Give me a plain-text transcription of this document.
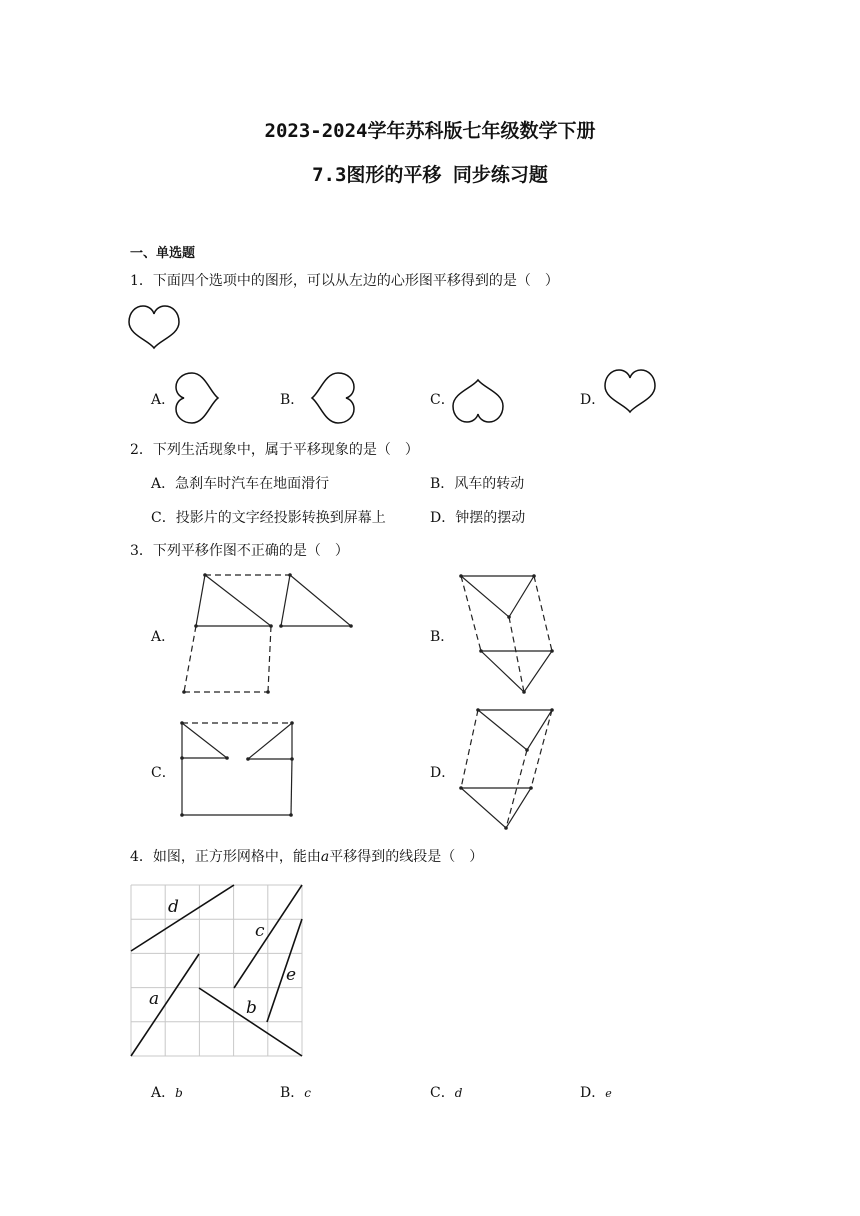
2023-2024学年苏科版七年级数学下册
7.3图形的平移 同步练习题
一、单选题
1．下面四个选项中的图形，可以从左边的心形图平移得到的是（　）
A．	B．	C．	D．
2．下列生活现象中，属于平移现象的是（　）
A．急刹车时汽车在地面滑行	B．风车的转动
C．投影片的文字经投影转换到屏幕上	D．钟摆的摆动
3．下列平移作图不正确的是（　）
A．	B．
C．	D．
4．如图，正方形网格中，能由a平移得到的线段是（　）
d
c
e
a	b
A．b	B．c	C．d	D．e
